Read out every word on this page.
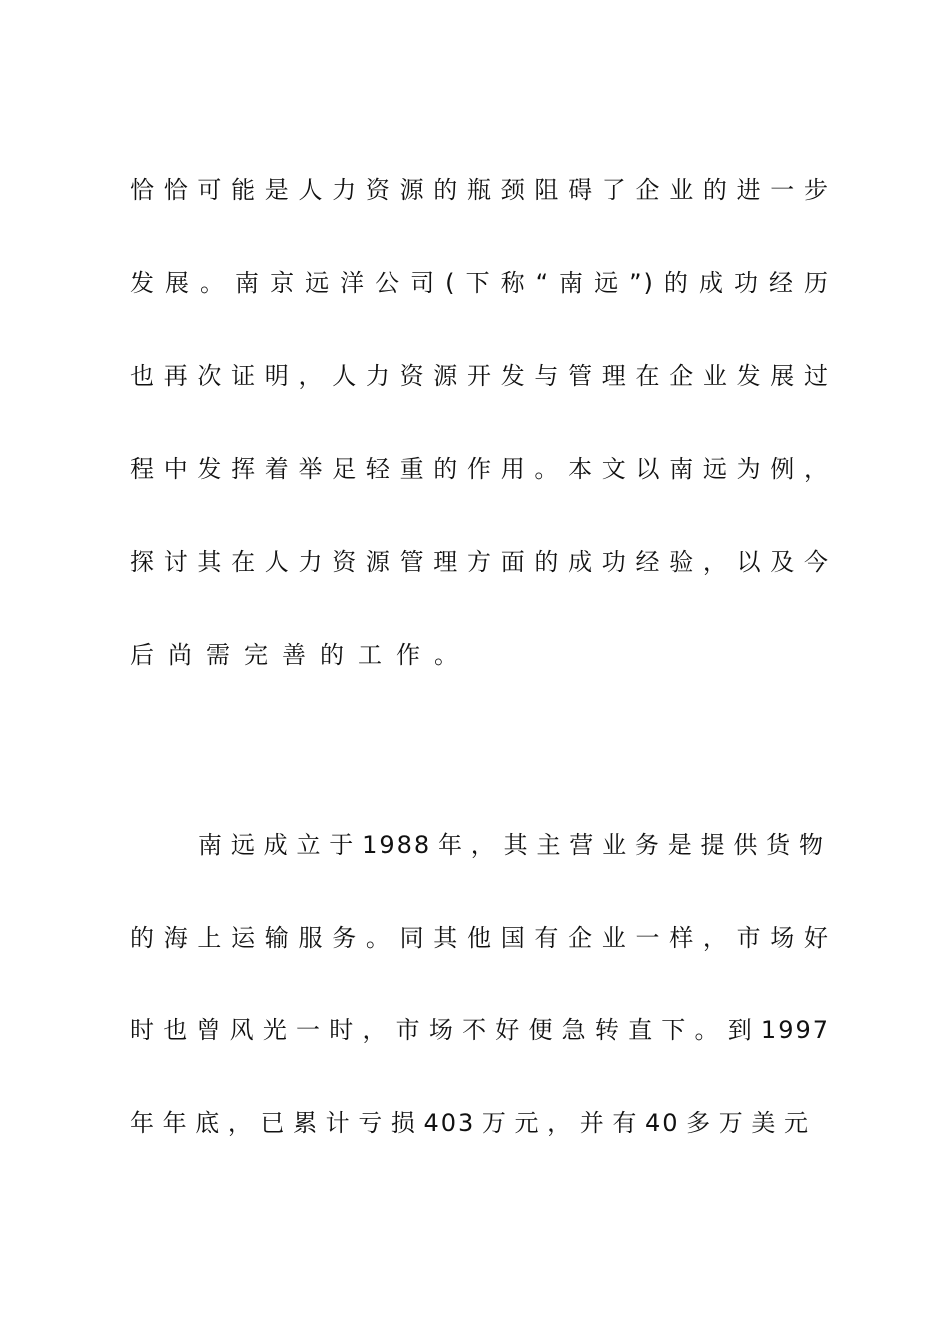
恰恰可能是人力资源的瓶颈阻碍了企业的进一步
发展。南京远洋公司(下称“南远”)的成功经历
也再次证明，人力资源开发与管理在企业发展过
程中发挥着举足轻重的作用。本文以南远为例，
探讨其在人力资源管理方面的成功经验，以及今
后尚需完善的工作。
南远成立于1988年，其主营业务是提供货物
的海上运输服务。同其他国有企业一样，市场好
时也曾风光一时，市场不好便急转直下。到1997
年年底，已累计亏损403万元，并有40多万美元
